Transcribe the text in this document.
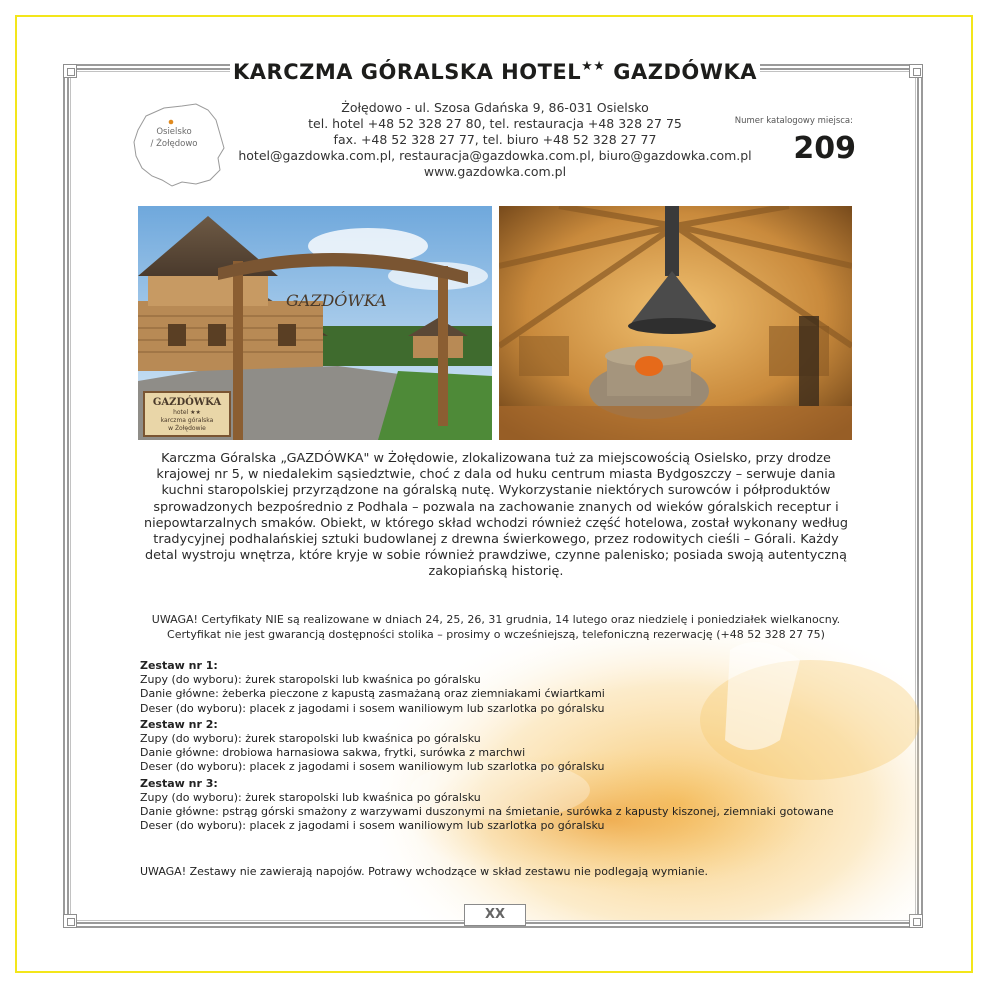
KARCZMA GÓRALSKA HOTEL★★ GAZDÓWKA
Osielsko
/ Żołędowo
Żołędowo - ul. Szosa Gdańska 9, 86-031 Osielsko
tel. hotel +48 52 328 27 80, tel. restauracja +48 328 27 75
fax. +48 52 328 27 77, tel. biuro +48 52 328 27 77
hotel@gazdowka.com.pl, restauracja@gazdowka.com.pl, biuro@gazdowka.com.pl
www.gazdowka.com.pl
Numer katalogowy miejsca:
209
GAZDÓWKA
GAZDÓWKA
hotel ★★
karczma góralska
w Żołędowie
Karczma Góralska „GAZDÓWKA" w Żołędowie, zlokalizowana tuż za miejscowością Osielsko, przy drodze krajowej nr 5, w niedalekim sąsiedztwie, choć z dala od huku centrum miasta Bydgoszczy – serwuje dania kuchni staropolskiej przyrządzone na góralską nutę. Wykorzystanie niektórych surowców i półproduktów sprowadzonych bezpośrednio z Podhala – pozwala na zachowanie znanych od wieków góralskich receptur i niepowtarzalnych smaków. Obiekt, w którego skład wchodzi również część hotelowa, został wykonany według tradycyjnej podhalańskiej sztuki budowlanej z drewna świerkowego, przez rodowitych cieśli – Górali. Każdy detal wystroju wnętrza, które kryje w sobie również prawdziwe, czynne palenisko; posiada swoją autentyczną zakopiańską historię.
UWAGA! Certyfikaty NIE są realizowane w dniach 24, 25, 26, 31 grudnia, 14 lutego oraz niedzielę i poniedziałek wielkanocny.
Certyfikat nie jest gwarancją dostępności stolika – prosimy o wcześniejszą, telefoniczną rezerwację (+48 52 328 27 75)
Zestaw nr 1:
Zupy (do wyboru): żurek staropolski lub kwaśnica po góralsku
Danie główne: żeberka pieczone z kapustą zasmażaną oraz ziemniakami ćwiartkami
Deser (do wyboru): placek z jagodami i sosem waniliowym lub szarlotka po góralsku
Zestaw nr 2:
Zupy (do wyboru): żurek staropolski lub kwaśnica po góralsku
Danie główne: drobiowa harnasiowa sakwa, frytki, surówka z marchwi
Deser (do wyboru): placek z jagodami i sosem waniliowym lub szarlotka po góralsku
Zestaw nr 3:
Zupy (do wyboru): żurek staropolski lub kwaśnica po góralsku
Danie główne: pstrąg górski smażony z warzywami duszonymi na śmietanie, surówka z kapusty kiszonej, ziemniaki gotowane
Deser (do wyboru): placek z jagodami i sosem waniliowym lub szarlotka po góralsku
UWAGA! Zestawy nie zawierają napojów. Potrawy wchodzące w skład zestawu nie podlegają wymianie.
XX
